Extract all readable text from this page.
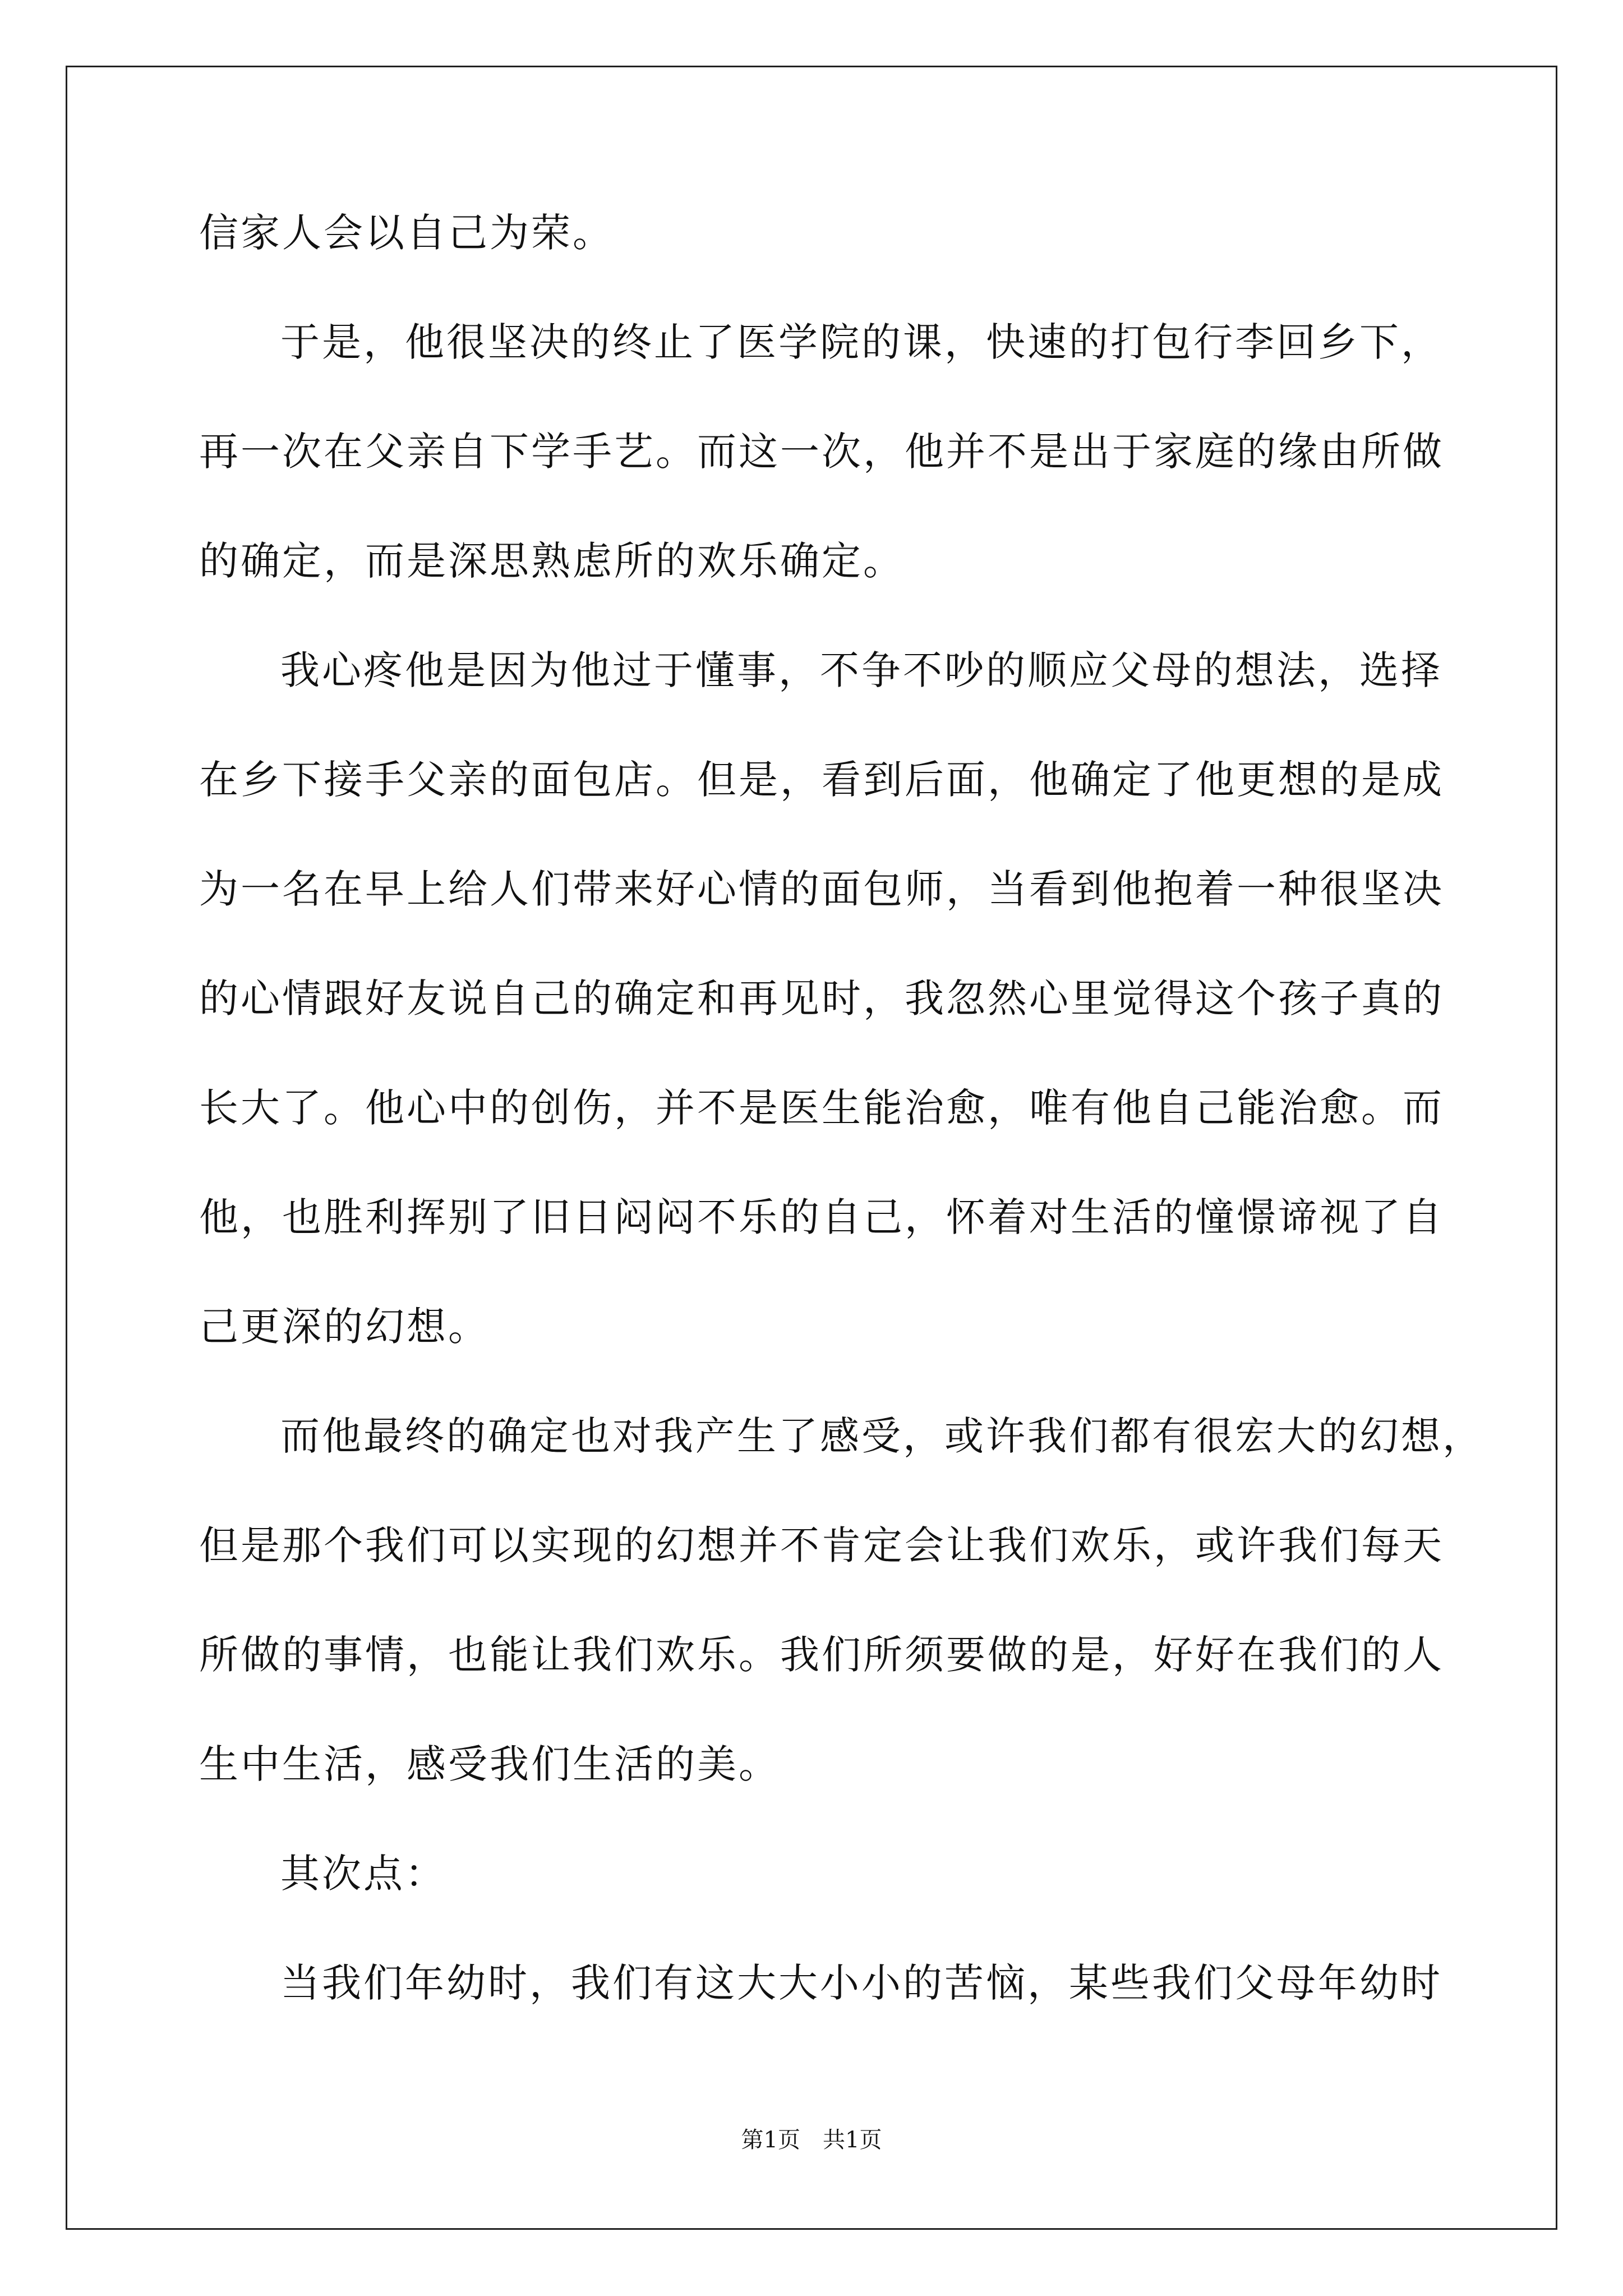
信家人会以自己为荣。
于是，他很坚决的终止了医学院的课，快速的打包行李回乡下，
再一次在父亲自下学手艺。而这一次，他并不是出于家庭的缘由所做
的确定，而是深思熟虑所的欢乐确定。
我心疼他是因为他过于懂事，不争不吵的顺应父母的想法，选择
在乡下接手父亲的面包店。但是，看到后面，他确定了他更想的是成
为一名在早上给人们带来好心情的面包师，当看到他抱着一种很坚决
的心情跟好友说自己的确定和再见时，我忽然心里觉得这个孩子真的
长大了。他心中的创伤，并不是医生能治愈，唯有他自己能治愈。而
他，也胜利挥别了旧日闷闷不乐的自己，怀着对生活的憧憬谛视了自
己更深的幻想。
而他最终的确定也对我产生了感受，或许我们都有很宏大的幻想，
但是那个我们可以实现的幻想并不肯定会让我们欢乐，或许我们每天
所做的事情，也能让我们欢乐。我们所须要做的是，好好在我们的人
生中生活，感受我们生活的美。
其次点：
当我们年幼时，我们有这大大小小的苦恼，某些我们父母年幼时
第1页　共1页
